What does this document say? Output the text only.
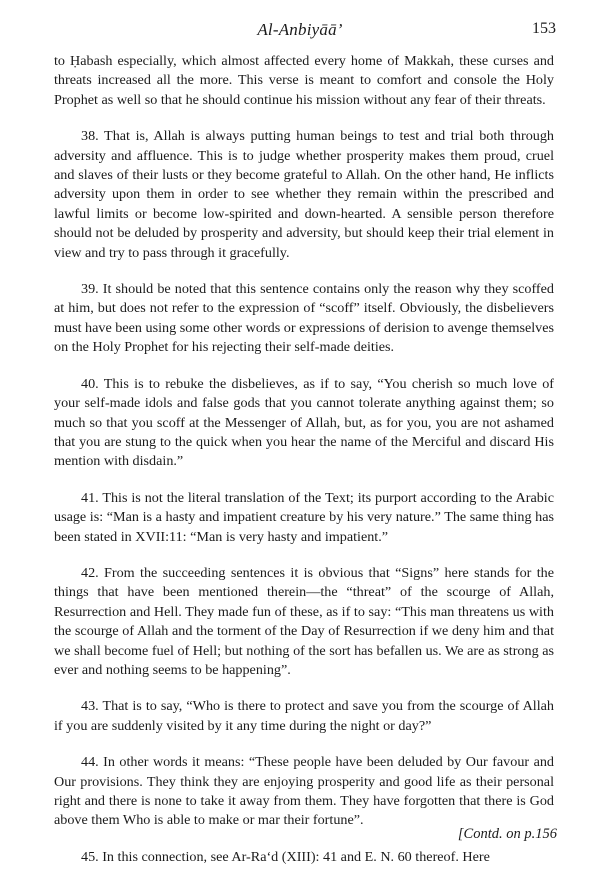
Al-Anbiyāā’	153

to Ḥabash especially, which almost affected every home of Makkah, these curses and threats increased all the more. This verse is meant to comfort and console the Holy Prophet as well so that he should continue his mission without any fear of their threats.

38. That is, Allah is always putting human beings to test and trial both through adversity and affluence. This is to judge whether prosperity makes them proud, cruel and slaves of their lusts or they become grateful to Allah. On the other hand, He inflicts adversity upon them in order to see whether they remain within the prescribed and lawful limits or become low-spirited and down-hearted. A sensible person therefore should not be deluded by prosperity and adversity, but should keep their trial element in view and try to pass through it gracefully.

39. It should be noted that this sentence contains only the reason why they scoffed at him, but does not refer to the expression of “scoff” itself. Obviously, the disbelievers must have been using some other words or expressions of derision to avenge themselves on the Holy Prophet for his rejecting their self-made deities.

40. This is to rebuke the disbelieves, as if to say, “You cherish so much love of your self-made idols and false gods that you cannot tolerate anything against them; so much so that you scoff at the Messenger of Allah, but, as for you, you are not ashamed that you are stung to the quick when you hear the name of the Merciful and discard His mention with disdain.”

41. This is not the literal translation of the Text; its purport according to the Arabic usage is: “Man is a hasty and impatient creature by his very nature.” The same thing has been stated in XVII:11: “Man is very hasty and impatient.”

42. From the succeeding sentences it is obvious that “Signs” here stands for the things that have been mentioned therein—the “threat” of the scourge of Allah, Resurrection and Hell. They made fun of these, as if to say: “This man threatens us with the scourge of Allah and the torment of the Day of Resurrection if we deny him and that we shall become fuel of Hell; but nothing of the sort has befallen us. We are as strong as ever and nothing seems to be happening”.

43. That is to say, “Who is there to protect and save you from the scourge of Allah if you are suddenly visited by it any time during the night or day?”

44. In other words it means: “These people have been deluded by Our favour and Our provisions. They think they are enjoying prosperity and good life as their personal right and there is none to take it away from them. They have forgotten that there is God above them Who is able to make or mar their fortune”.

45. In this connection, see Ar-Ra‘d (XIII): 41 and E. N. 60 thereof. Here

[Contd. on p.156
